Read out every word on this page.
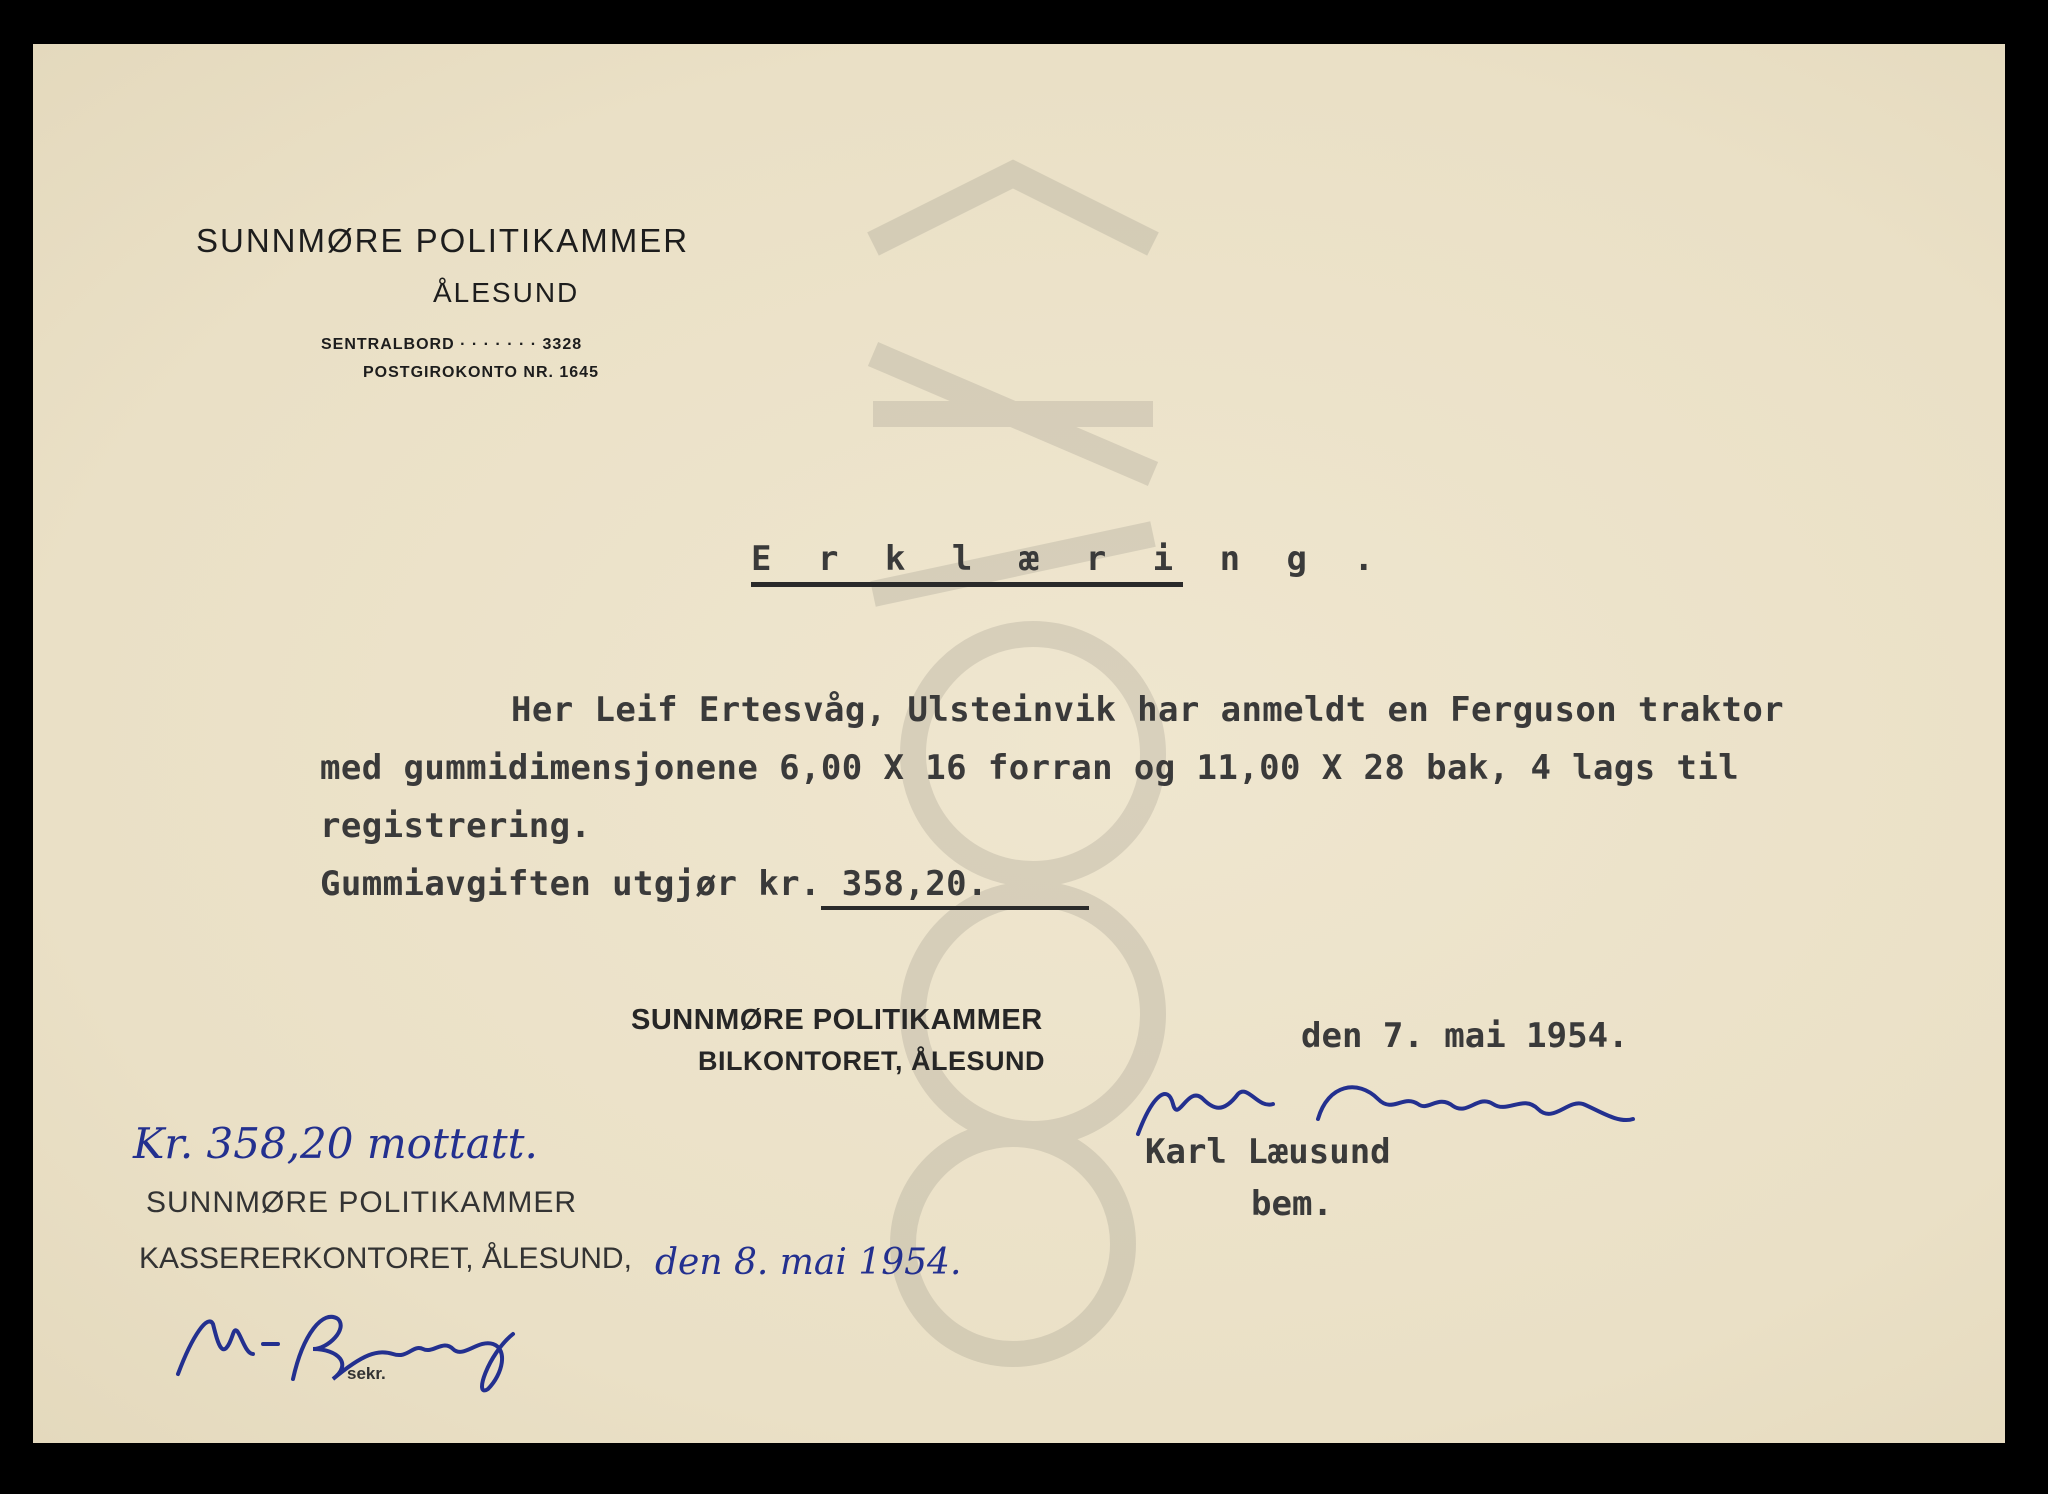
SUNNMØRE POLITIKAMMER
ÅLESUND
SENTRALBORD · · · · · · · 3328
POSTGIROKONTO NR. 1645
E r k l æ r i n g .
Her Leif Ertesvåg, Ulsteinvik har anmeldt en Ferguson traktor
med gummidimensjonene 6,00 X 16 forran og 11,00 X 28 bak, 4 lags til
registrering.
Gummiavgiften utgjør kr. 358,20.
SUNNMØRE POLITIKAMMER
BILKONTORET, ÅLESUND
den 7. mai 1954.
Karl Læusund
bem.
Kr. 358,20 mottatt.
SUNNMØRE POLITIKAMMER
KASSERERKONTORET, ÅLESUND, den 8. mai 1954.
sekr.
